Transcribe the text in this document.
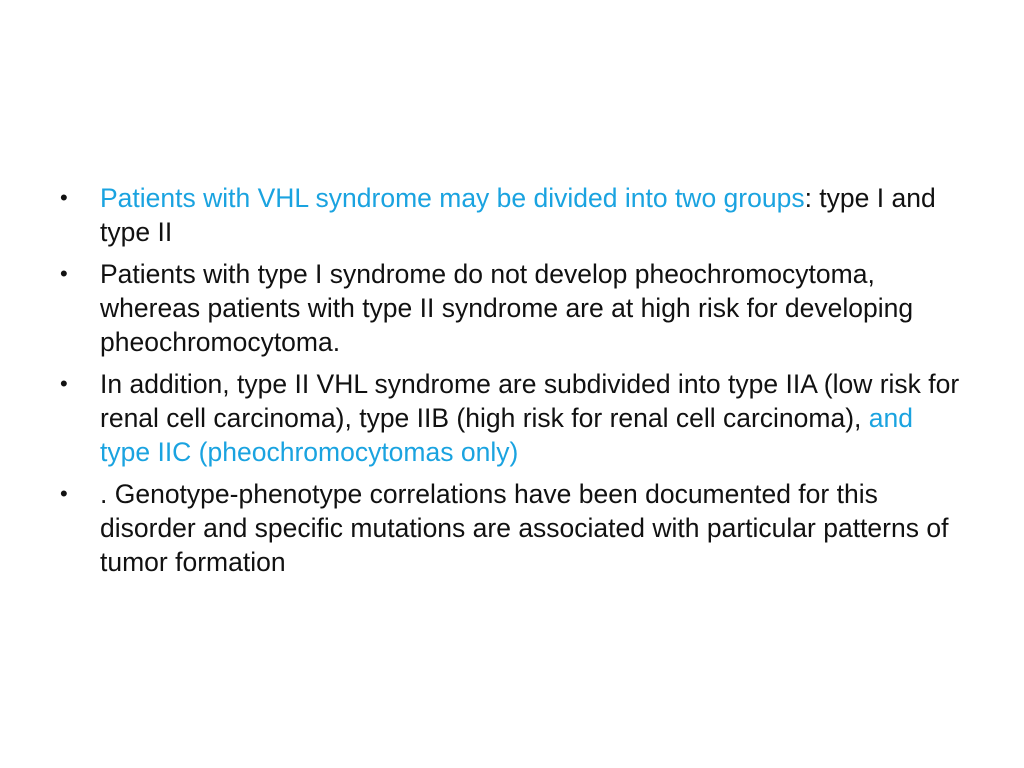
•	Patients with VHL syndrome may be divided into two groups: type I and type II
•	Patients with type I syndrome do not develop pheochromocytoma, whereas patients with type II syndrome are at high risk for developing pheochromocytoma.
•	In addition, type II VHL syndrome are subdivided into type IIA (low risk for renal cell carcinoma), type IIB (high risk for renal cell carcinoma), and type IIC (pheochromocytomas only)
•	. Genotype-phenotype correlations have been documented for this disorder and specific mutations are associated with particular patterns of tumor formation
